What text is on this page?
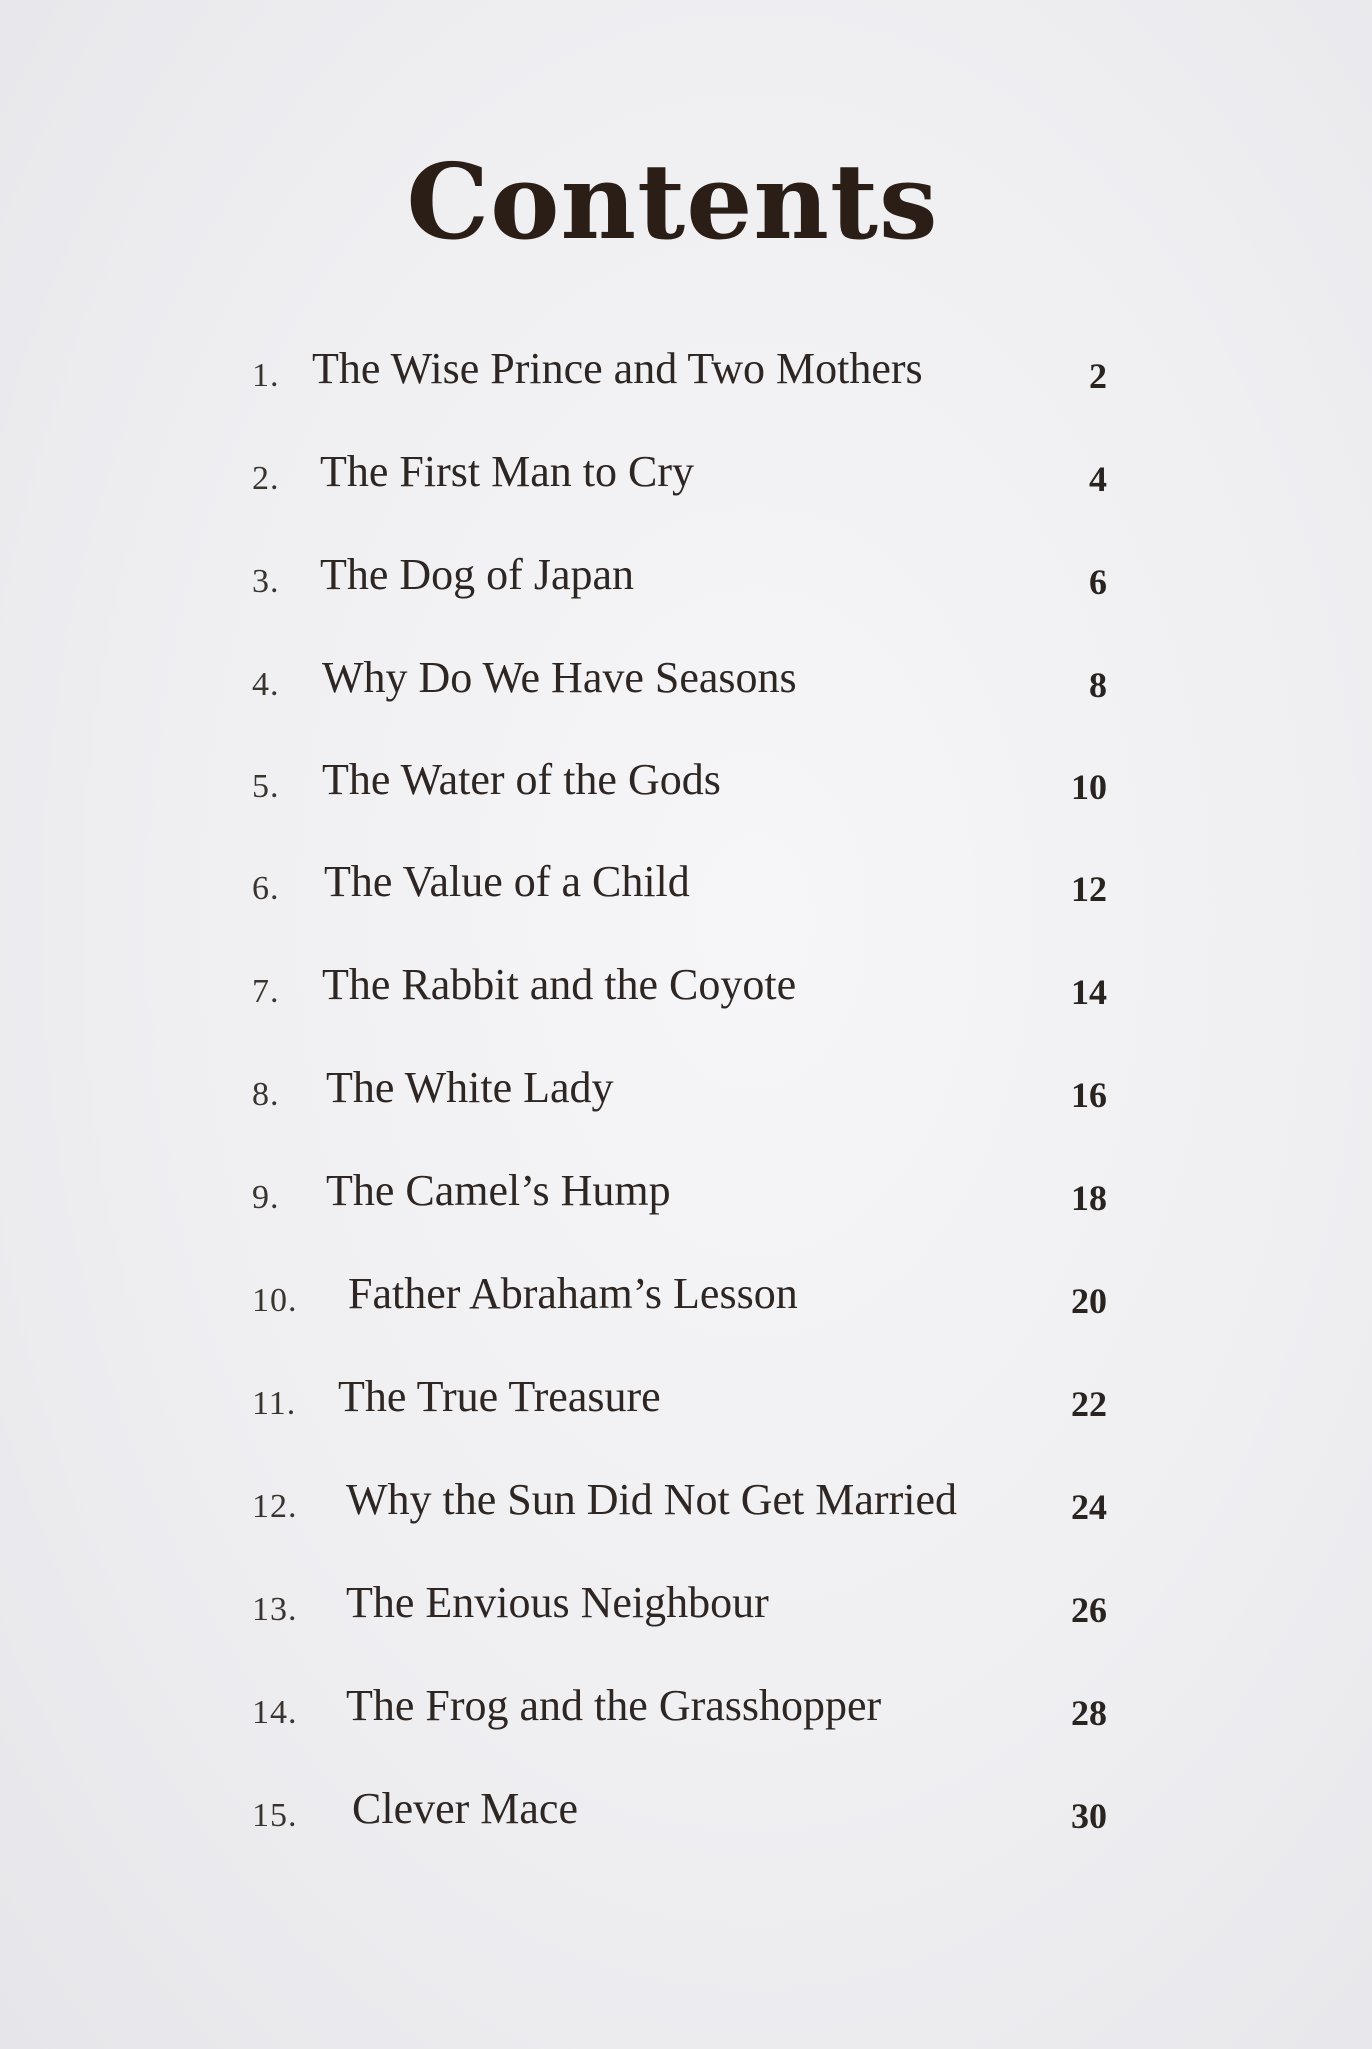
Contents
1. The Wise Prince and Two Mothers	2
2. The First Man to Cry	4
3. The Dog of Japan	6
4. Why Do We Have Seasons	8
5. The Water of the Gods	10
6. The Value of a Child	12
7. The Rabbit and the Coyote	14
8. The White Lady	16
9. The Camel’s Hump	18
10. Father Abraham’s Lesson	20
11. The True Treasure	22
12. Why the Sun Did Not Get Married	24
13. The Envious Neighbour	26
14. The Frog and the Grasshopper	28
15. Clever Mace	30
